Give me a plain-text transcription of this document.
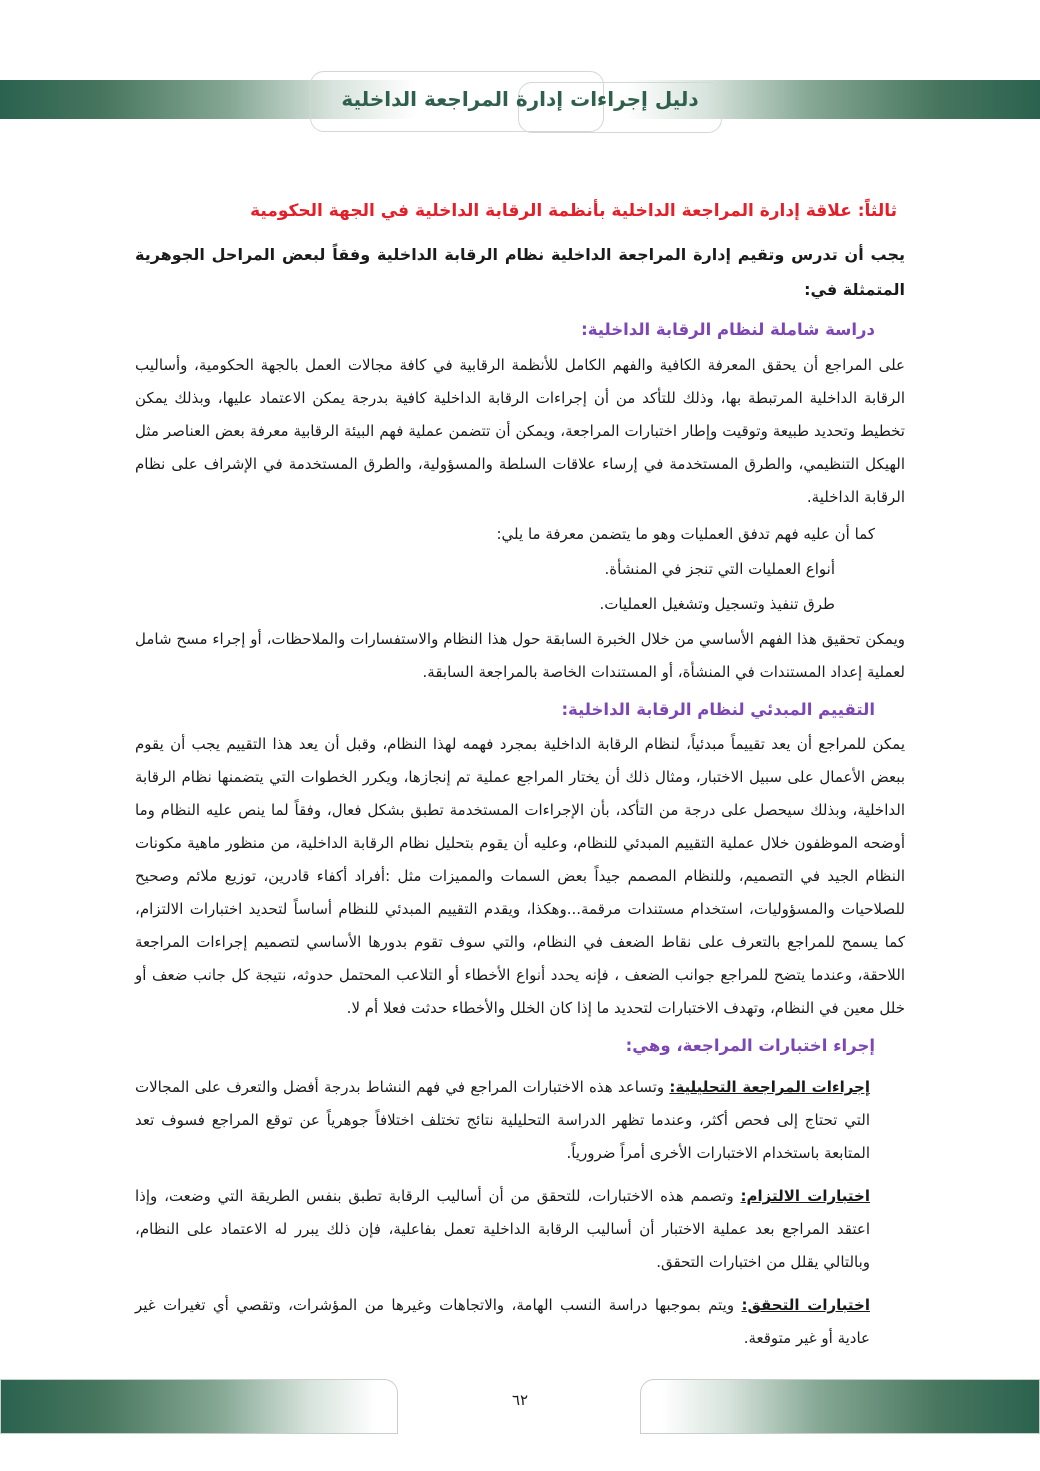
دليل إجراءات إدارة المراجعة الداخلية
ثالثاً: علاقة إدارة المراجعة الداخلية بأنظمة الرقابة الداخلية في الجهة الحكومية
يجب أن تدرس وتقيم إدارة المراجعة الداخلية نظام الرقابة الداخلية وفقاً لبعض المراحل الجوهرية المتمثلة في:
دراسة شاملة لنظام الرقابة الداخلية:
على المراجع أن يحقق المعرفة الكافية والفهم الكامل للأنظمة الرقابية في كافة مجالات العمل بالجهة الحكومية، وأساليب الرقابة الداخلية المرتبطة بها، وذلك للتأكد من أن إجراءات الرقابة الداخلية كافية بدرجة يمكن الاعتماد عليها، وبذلك يمكن تخطيط وتحديد طبيعة وتوقيت وإطار اختبارات المراجعة، ويمكن أن تتضمن عملية فهم البيئة الرقابية معرفة بعض العناصر مثل الهيكل التنظيمي، والطرق المستخدمة في إرساء علاقات السلطة والمسؤولية، والطرق المستخدمة في الإشراف على نظام الرقابة الداخلية.
كما أن عليه فهم تدفق العمليات وهو ما يتضمن معرفة ما يلي:
أنواع العمليات التي تنجز في المنشأة.
طرق تنفيذ وتسجيل وتشغيل العمليات.
ويمكن تحقيق هذا الفهم الأساسي من خلال الخبرة السابقة حول هذا النظام والاستفسارات والملاحظات، أو إجراء مسح شامل لعملية إعداد المستندات في المنشأة، أو المستندات الخاصة بالمراجعة السابقة.
التقييم المبدئي لنظام الرقابة الداخلية:
يمكن للمراجع أن يعد تقييماً مبدئياً، لنظام الرقابة الداخلية بمجرد فهمه لهذا النظام، وقبل أن يعد هذا التقييم يجب أن يقوم ببعض الأعمال على سبيل الاختبار، ومثال ذلك أن يختار المراجع عملية تم إنجازها، ويكرر الخطوات التي يتضمنها نظام الرقابة الداخلية، وبذلك سيحصل على درجة من التأكد، بأن الإجراءات المستخدمة تطبق بشكل فعال، وفقاً لما ينص عليه النظام وما أوضحه الموظفون خلال عملية التقييم المبدئي للنظام، وعليه أن يقوم بتحليل نظام الرقابة الداخلية، من منظور ماهية مكونات النظام الجيد في التصميم، وللنظام المصمم جيداً بعض السمات والمميزات مثل :أفراد أكفاء قادرين، توزيع ملائم وصحيح للصلاحيات والمسؤوليات، استخدام مستندات مرقمة...وهكذا، ويقدم التقييم المبدئي للنظام أساساً لتحديد اختبارات الالتزام، كما يسمح للمراجع بالتعرف على نقاط الضعف في النظام، والتي سوف تقوم بدورها الأساسي لتصميم إجراءات المراجعة اللاحقة، وعندما يتضح للمراجع جوانب الضعف ، فإنه يحدد أنواع الأخطاء أو التلاعب المحتمل حدوثه، نتيجة كل جانب ضعف أو خلل معين في النظام، وتهدف الاختبارات لتحديد ما إذا كان الخلل والأخطاء حدثت فعلا أم لا.
إجراء اختبارات المراجعة، وهي:
إجراءات المراجعة التحليلية: وتساعد هذه الاختبارات المراجع في فهم النشاط بدرجة أفضل والتعرف على المجالات التي تحتاج إلى فحص أكثر، وعندما تظهر الدراسة التحليلية نتائج تختلف اختلافاً جوهرياً عن توقع المراجع فسوف تعد المتابعة باستخدام الاختبارات الأخرى أمراً ضرورياً.
اختبارات الالتزام: وتصمم هذه الاختبارات، للتحقق من أن أساليب الرقابة تطبق بنفس الطريقة التي وضعت، وإذا اعتقد المراجع بعد عملية الاختبار أن أساليب الرقابة الداخلية تعمل بفاعلية، فإن ذلك يبرر له الاعتماد على النظام، وبالتالي يقلل من اختبارات التحقق.
اختبارات التحقق: ويتم بموجبها دراسة النسب الهامة، والاتجاهات وغيرها من المؤشرات، وتقصي أي تغيرات غير عادية أو غير متوقعة.
٦٢
